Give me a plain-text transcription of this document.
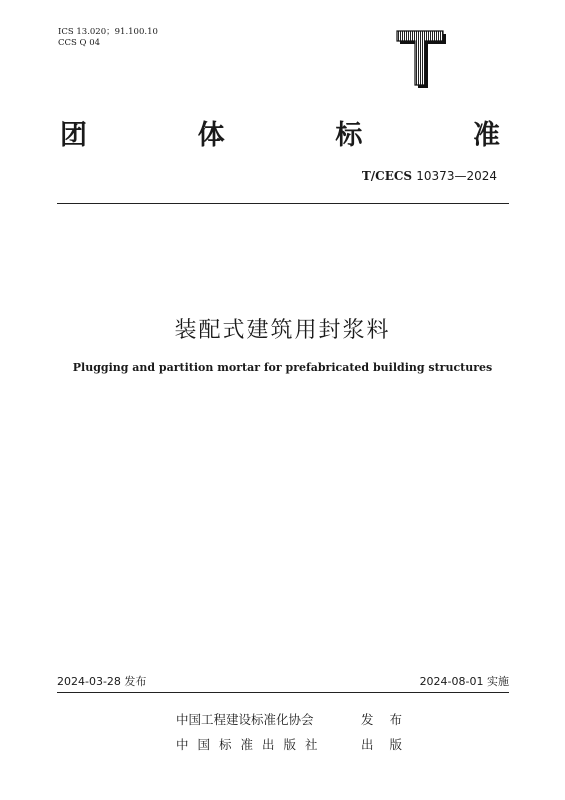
ICS 13.020；91.100.10
CCS Q 04
T
团	体	标	准
T/CECS 10373—2024
装配式建筑用封浆料
Plugging and partition mortar for prefabricated building structures
2024-03-28 发布	2024-08-01 实施
中国工程建设标准化协会	发 布
中国标准出版社	出 版
